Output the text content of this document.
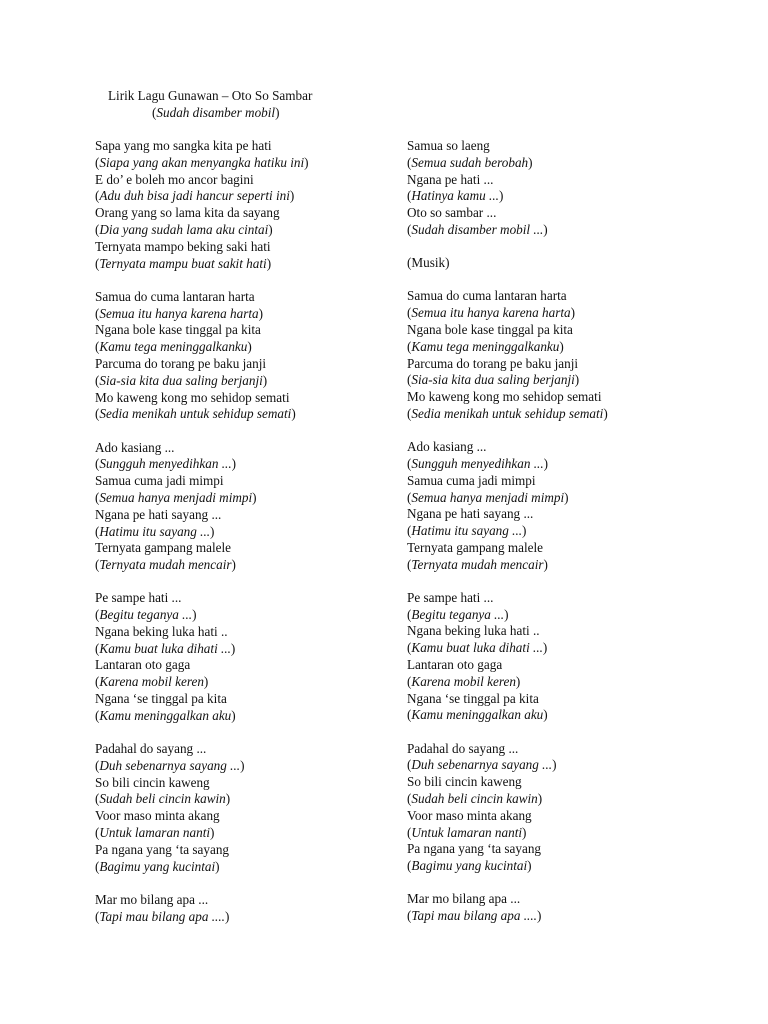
Lirik Lagu Gunawan – Oto So Sambar
(Sudah disamber mobil)
Sapa yang mo sangka kita pe hati
( Siapa yang akan menyangka hatiku ini )
E do’ e boleh mo ancor bagini
( Adu duh bisa jadi hancur seperti ini )
Orang yang so lama kita da sayang
( Dia yang sudah lama aku cintai )
Ternyata mampo beking saki hati
( Ternyata mampu buat sakit hati )
Samua do cuma lantaran harta
( Semua itu hanya karena harta )
Ngana bole kase tinggal pa kita
( Kamu tega meninggalkanku )
Parcuma do torang pe baku janji
( Sia-sia kita dua saling berjanji )
Mo kaweng kong mo sehidop semati
( Sedia menikah untuk sehidup semati )
Ado kasiang ...
( Sungguh menyedihkan ... )
Samua cuma jadi mimpi
( Semua hanya menjadi mimpi )
Ngana pe hati sayang ...
( Hatimu itu sayang ... )
Ternyata gampang malele
( Ternyata mudah mencair )
Pe sampe hati ...
( Begitu teganya ... )
Ngana beking luka hati ..
( Kamu buat luka dihati ... )
Lantaran oto gaga
( Karena mobil keren )
Ngana ‘se tinggal pa kita
( Kamu meninggalkan aku )
Padahal do sayang ...
( Duh sebenarnya sayang ... )
So bili cincin kaweng
( Sudah beli cincin kawin )
Voor maso minta akang
( Untuk lamaran nanti )
Pa ngana yang ‘ta sayang
( Bagimu yang kucintai )
Mar mo bilang apa ...
( Tapi mau bilang apa .... )
Samua so laeng
( Semua sudah berobah )
Ngana pe hati ...
( Hatinya kamu ... )
Oto so sambar ...
( Sudah disamber mobil ... )
(Musik)
Samua do cuma lantaran harta
( Semua itu hanya karena harta )
Ngana bole kase tinggal pa kita
( Kamu tega meninggalkanku )
Parcuma do torang pe baku janji
( Sia-sia kita dua saling berjanji )
Mo kaweng kong mo sehidop semati
( Sedia menikah untuk sehidup semati )
Ado kasiang ...
( Sungguh menyedihkan ... )
Samua cuma jadi mimpi
( Semua hanya menjadi mimpi )
Ngana pe hati sayang ...
( Hatimu itu sayang ... )
Ternyata gampang malele
( Ternyata mudah mencair )
Pe sampe hati ...
( Begitu teganya ... )
Ngana beking luka hati ..
( Kamu buat luka dihati ... )
Lantaran oto gaga
( Karena mobil keren )
Ngana ‘se tinggal pa kita
( Kamu meninggalkan aku )
Padahal do sayang ...
( Duh sebenarnya sayang ... )
So bili cincin kaweng
( Sudah beli cincin kawin )
Voor maso minta akang
( Untuk lamaran nanti )
Pa ngana yang ‘ta sayang
( Bagimu yang kucintai )
Mar mo bilang apa ...
( Tapi mau bilang apa .... )
